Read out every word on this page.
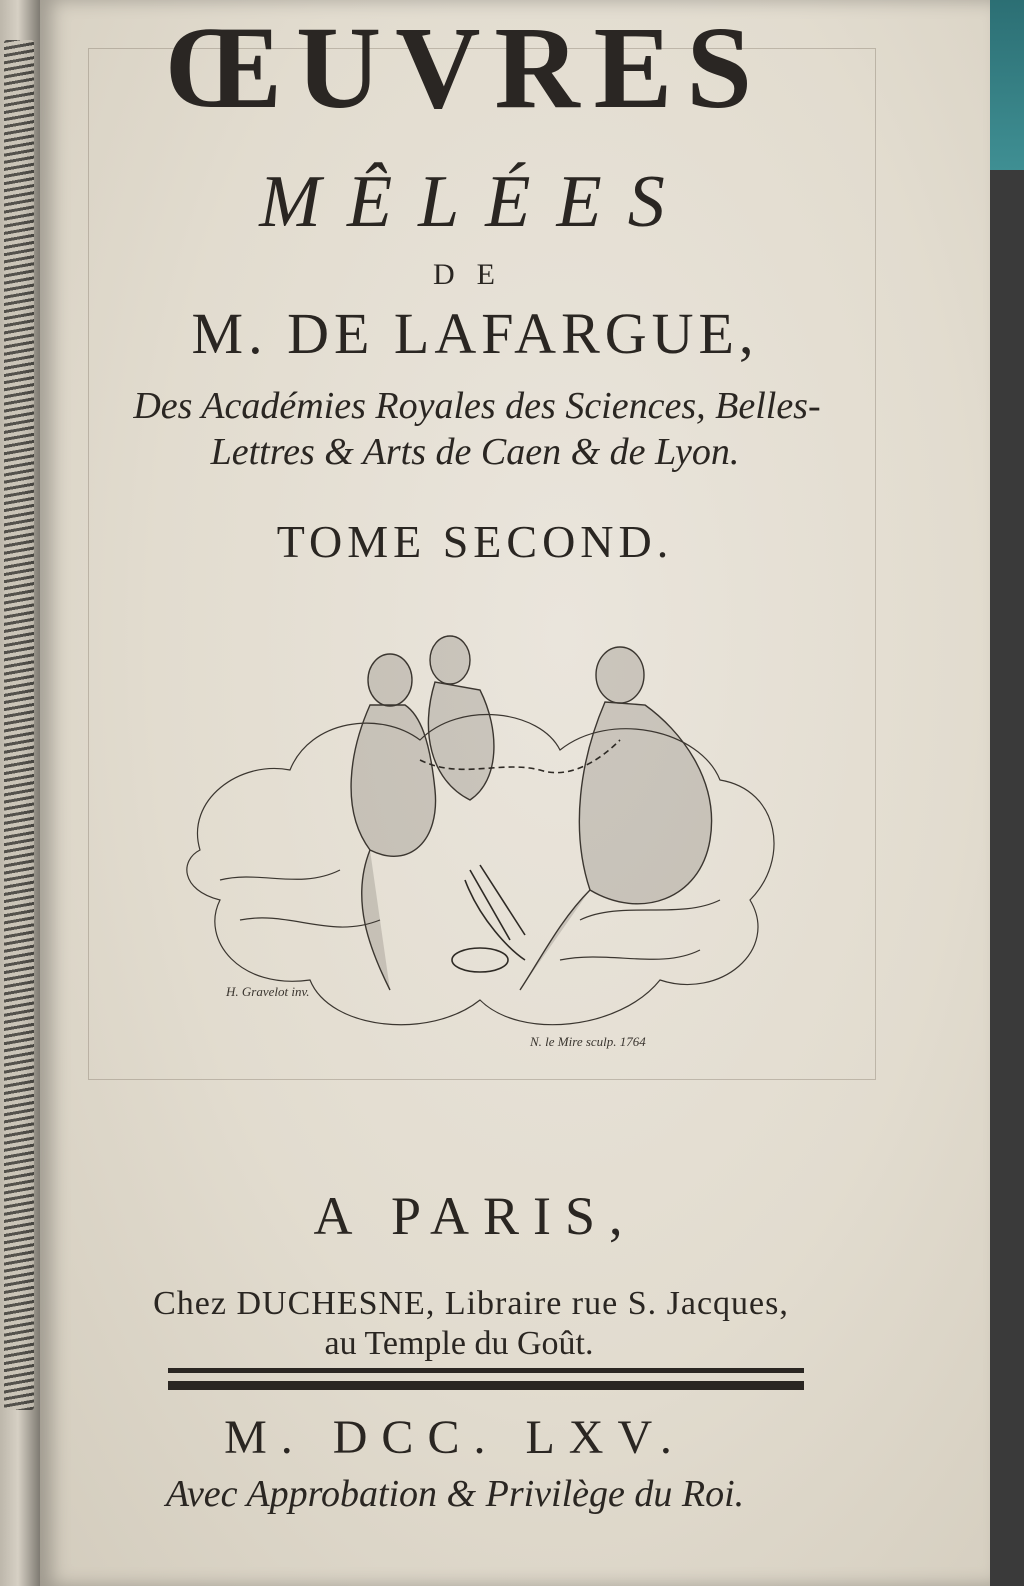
ŒUVRES
MÊLÉES
DE
M. DE LAFARGUE,
Des Académies Royales des Sciences, Belles-
Lettres & Arts de Caen & de Lyon.
TOME SECOND.
H. Gravelot inv.
N. le Mire sculp. 1764
A PARIS,
Chez DUCHESNE, Libraire rue S. Jacques,
au Temple du Goût.
M. DCC. LXV.
Avec Approbation & Privilège du Roi.
